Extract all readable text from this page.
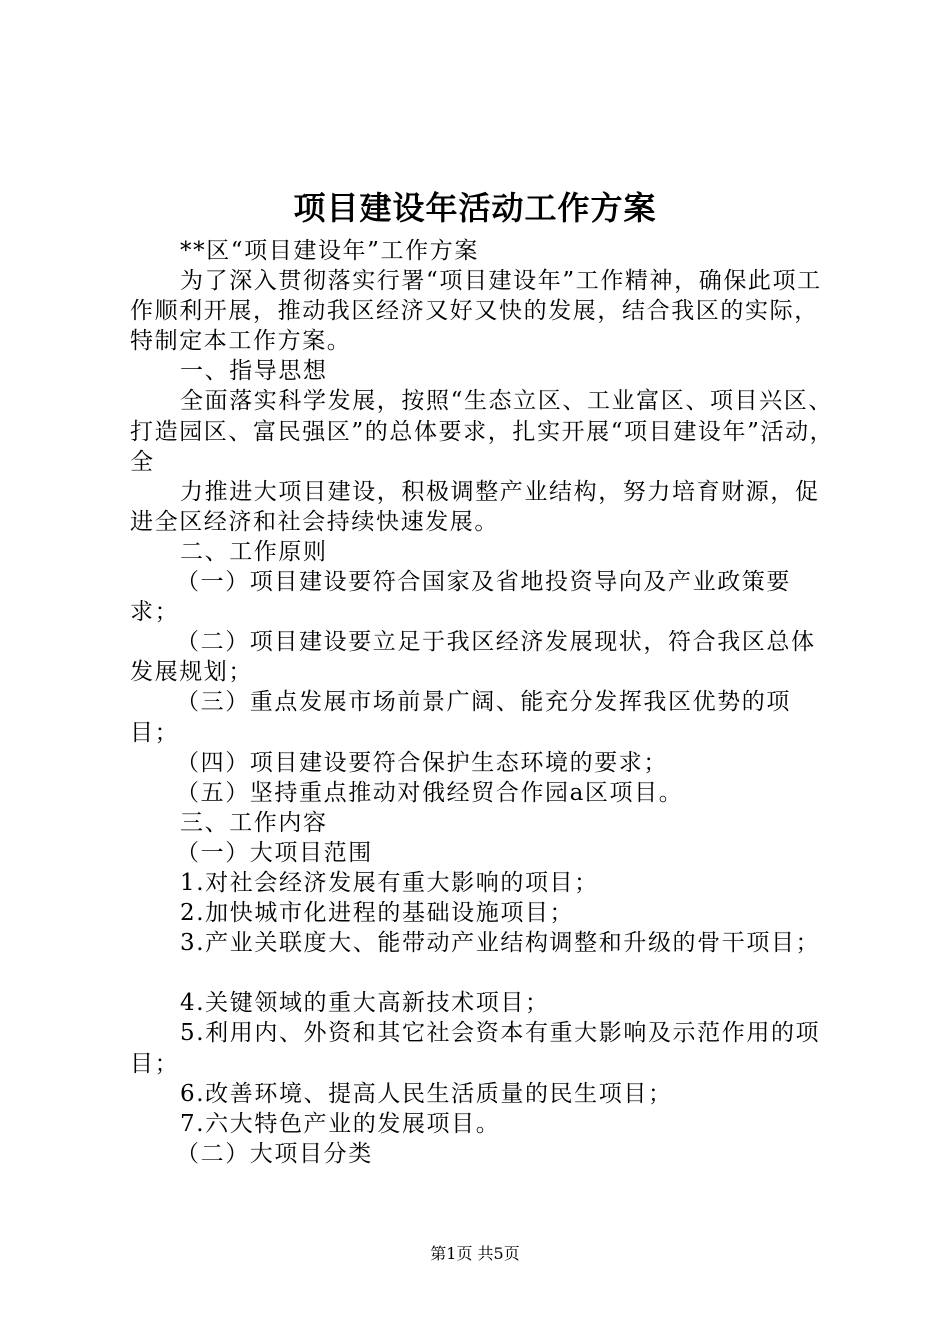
项目建设年活动工作方案

**区“项目建设年”工作方案

为了深入贯彻落实行署“项目建设年”工作精神，确保此项工作顺利开展，推动我区经济又好又快的发展，结合我区的实际，特制定本工作方案。

一、指导思想

全面落实科学发展，按照“生态立区、工业富区、项目兴区、打造园区、富民强区”的总体要求，扎实开展“项目建设年”活动，全

力推进大项目建设，积极调整产业结构，努力培育财源，促进全区经济和社会持续快速发展。

二、工作原则

（一）项目建设要符合国家及省地投资导向及产业政策要求；

（二）项目建设要立足于我区经济发展现状，符合我区总体发展规划；

（三）重点发展市场前景广阔、能充分发挥我区优势的项目；

（四）项目建设要符合保护生态环境的要求；

（五）坚持重点推动对俄经贸合作园a区项目。

三、工作内容

（一）大项目范围

1.对社会经济发展有重大影响的项目；

2.加快城市化进程的基础设施项目；

3.产业关联度大、能带动产业结构调整和升级的骨干项目；

4.关键领域的重大高新技术项目；

5.利用内、外资和其它社会资本有重大影响及示范作用的项目；

6.改善环境、提高人民生活质量的民生项目；

7.六大特色产业的发展项目。

（二）大项目分类

第1页 共5页
